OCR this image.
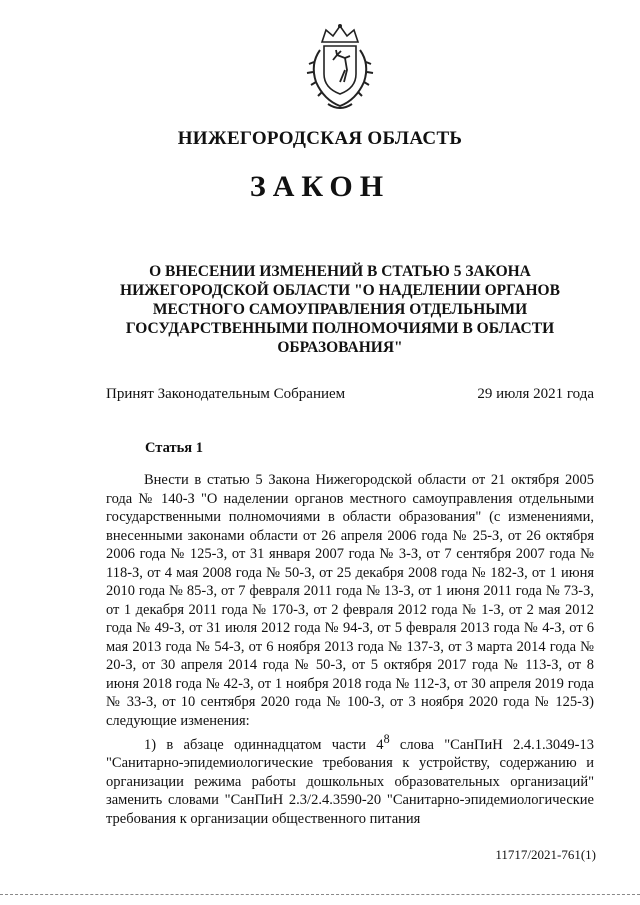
НИЖЕГОРОДСКАЯ ОБЛАСТЬ
ЗАКОН
О ВНЕСЕНИИ ИЗМЕНЕНИЙ В СТАТЬЮ 5 ЗАКОНА НИЖЕГОРОДСКОЙ ОБЛАСТИ "О НАДЕЛЕНИИ ОРГАНОВ МЕСТНОГО САМОУПРАВЛЕНИЯ ОТДЕЛЬНЫМИ ГОСУДАРСТВЕННЫМИ ПОЛНОМОЧИЯМИ В ОБЛАСТИ ОБРАЗОВАНИЯ"
Принят Законодательным Собранием	29 июля 2021 года
Статья 1

Внести в статью 5 Закона Нижегородской области от 21 октября 2005 года № 140-З "О наделении органов местного самоуправления отдельными государственными полномочиями в области образования" (с изменениями, внесенными законами области от 26 апреля 2006 года № 25-З, от 26 октября 2006 года № 125-З, от 31 января 2007 года № 3-З, от 7 сентября 2007 года № 118-З, от 4 мая 2008 года № 50-З, от 25 декабря 2008 года № 182-З, от 1 июня 2010 года № 85-З, от 7 февраля 2011 года № 13-З, от 1 июня 2011 года № 73-З, от 1 декабря 2011 года № 170-З, от 2 февраля 2012 года № 1-З, от 2 мая 2012 года № 49-З, от 31 июля 2012 года № 94-З, от 5 февраля 2013 года № 4-З, от 6 мая 2013 года № 54-З, от 6 ноября 2013 года № 137-З, от 3 марта 2014 года № 20-З, от 30 апреля 2014 года № 50-З, от 5 октября 2017 года № 113-З, от 8 июня 2018 года № 42-З, от 1 ноября 2018 года № 112-З, от 30 апреля 2019 года № 33-З, от 10 сентября 2020 года № 100-З, от 3 ноября 2020 года № 125-З) следующие изменения:

1) в абзаце одиннадцатом части $4^8$ слова "СанПиН 2.4.1.3049-13 "Санитарно-эпидемиологические требования к устройству, содержанию и организации режима работы дошкольных образовательных организаций" заменить словами "СанПиН 2.3/2.4.3590-20 "Санитарно-эпидемиологические требования к организации общественного питания

11717/2021-761(1)
